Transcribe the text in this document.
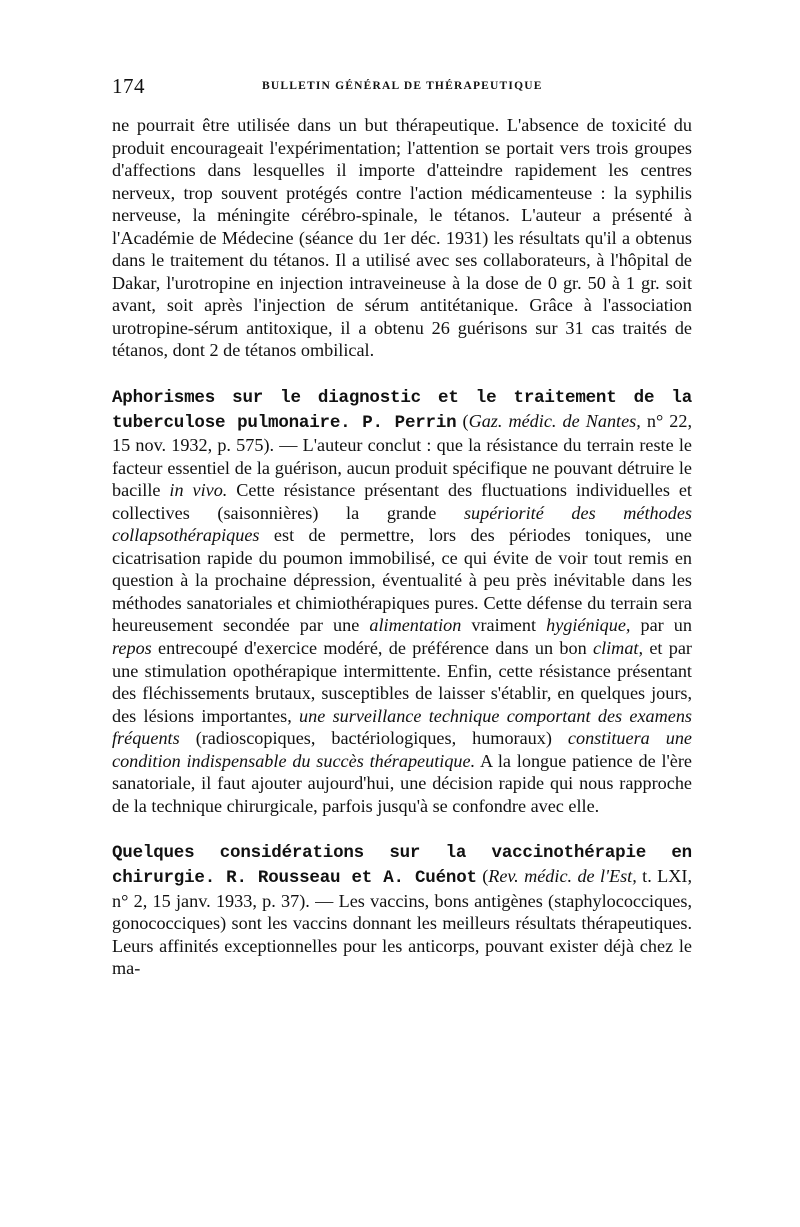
174	BULLETIN GÉNÉRAL DE THÉRAPEUTIQUE

ne pourrait être utilisée dans un but thérapeutique. L'absence de toxicité du produit encourageait l'expérimentation; l'attention se portait vers trois groupes d'affections dans lesquelles il importe d'atteindre rapidement les centres nerveux, trop souvent protégés contre l'action médicamenteuse : la syphilis nerveuse, la méningite cérébro-spinale, le tétanos. L'auteur a présenté à l'Académie de Médecine (séance du 1er déc. 1931) les résultats qu'il a obtenus dans le traitement du tétanos. Il a utilisé avec ses collaborateurs, à l'hôpital de Dakar, l'urotropine en injection intraveineuse à la dose de 0 gr. 50 à 1 gr. soit avant, soit après l'injection de sérum antitétanique. Grâce à l'association urotropine-sérum antitoxique, il a obtenu 26 guérisons sur 31 cas traités de tétanos, dont 2 de tétanos ombilical.

Aphorismes sur le diagnostic et le traitement de la tuberculose pulmonaire. P. Perrin (Gaz. médic. de Nantes, n° 22, 15 nov. 1932, p. 575). — L'auteur conclut : que la résistance du terrain reste le facteur essentiel de la guérison, aucun produit spécifique ne pouvant détruire le bacille in vivo. Cette résistance présentant des fluctuations individuelles et collectives (saisonnières) la grande supériorité des méthodes collapsothérapiques est de permettre, lors des périodes toniques, une cicatrisation rapide du poumon immobilisé, ce qui évite de voir tout remis en question à la prochaine dépression, éventualité à peu près inévitable dans les méthodes sanatoriales et chimiothérapiques pures. Cette défense du terrain sera heureusement secondée par une alimentation vraiment hygiénique, par un repos entrecoupé d'exercice modéré, de préférence dans un bon climat, et par une stimulation opothérapique intermittente. Enfin, cette résistance présentant des fléchissements brutaux, susceptibles de laisser s'établir, en quelques jours, des lésions importantes, une surveillance technique comportant des examens fréquents (radioscopiques, bactériologiques, humoraux) constituera une condition indispensable du succès thérapeutique. A la longue patience de l'ère sanatoriale, il faut ajouter aujourd'hui, une décision rapide qui nous rapproche de la technique chirurgicale, parfois jusqu'à se confondre avec elle.

Quelques considérations sur la vaccinothérapie en chirurgie. R. Rousseau et A. Cuénot (Rev. médic. de l'Est, t. LXI, n° 2, 15 janv. 1933, p. 37). — Les vaccins, bons antigènes (staphylococciques, gonococciques) sont les vaccins donnant les meilleurs résultats thérapeutiques. Leurs affinités exceptionnelles pour les anticorps, pouvant exister déjà chez le ma-
